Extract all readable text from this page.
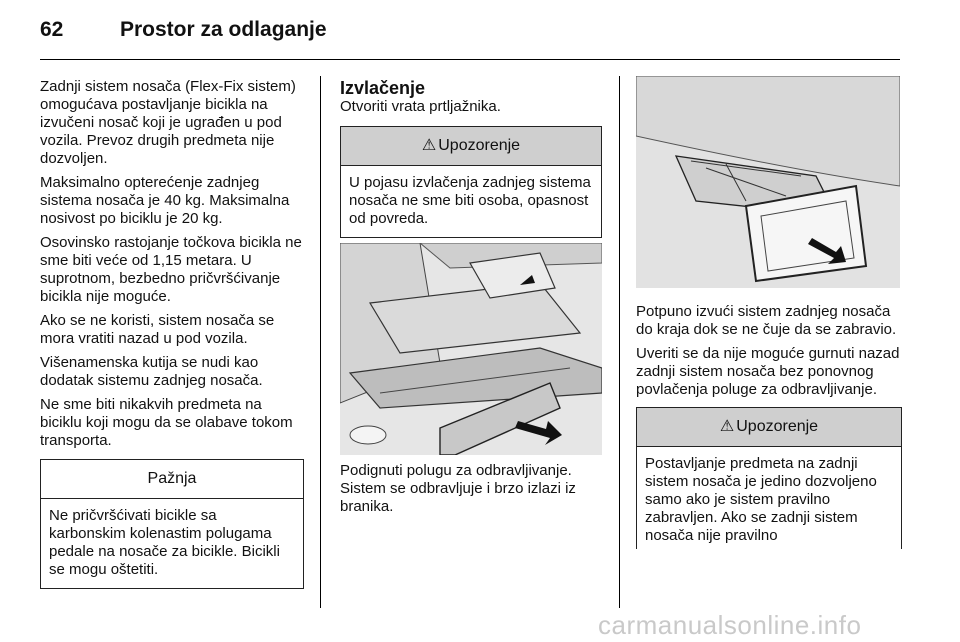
62	Prostor za odlaganje

Zadnji sistem nosača (Flex-Fix sistem) omogućava postavljanje bicikla na izvučeni nosač koji je ugrađen u pod vozila. Prevoz drugih predmeta nije dozvoljen.

Maksimalno opterećenje zadnjeg sistema nosača je 40 kg. Maksimalna nosivost po biciklu je 20 kg.

Osovinsko rastojanje točkova bicikla ne sme biti veće od 1,15 metara. U suprotnom, bezbedno pričvršćivanje bicikla nije moguće.

Ako se ne koristi, sistem nosača se mora vratiti nazad u pod vozila.

Višenamenska kutija se nudi kao dodatak sistemu zadnjeg nosača.

Ne sme biti nikakvih predmeta na biciklu koji mogu da se olabave tokom transporta.

Pažnja
Ne pričvršćivati bicikle sa karbonskim kolenastim polugama pedale na nosače za bicikle. Bicikli se mogu oštetiti.
Izvlačenje

Otvoriti vrata prtljažnika.

⚠ Upozorenje
U pojasu izvlačenja zadnjeg sistema nosača ne sme biti osoba, opasnost od povreda.

Podignuti polugu za odbravljivanje. Sistem se odbravljuje i brzo izlazi iz branika.

Potpuno izvući sistem zadnjeg nosača do kraja dok se ne čuje da se zabravio.

Uveriti se da nije moguće gurnuti nazad zadnji sistem nosača bez ponovnog povlačenja poluge za odbravljivanje.

⚠ Upozorenje
Postavljanje predmeta na zadnji sistem nosača je jedino dozvoljeno samo ako je sistem pravilno zabravljen. Ako se zadnji sistem nosača nije pravilno
carmanualsonline.info
